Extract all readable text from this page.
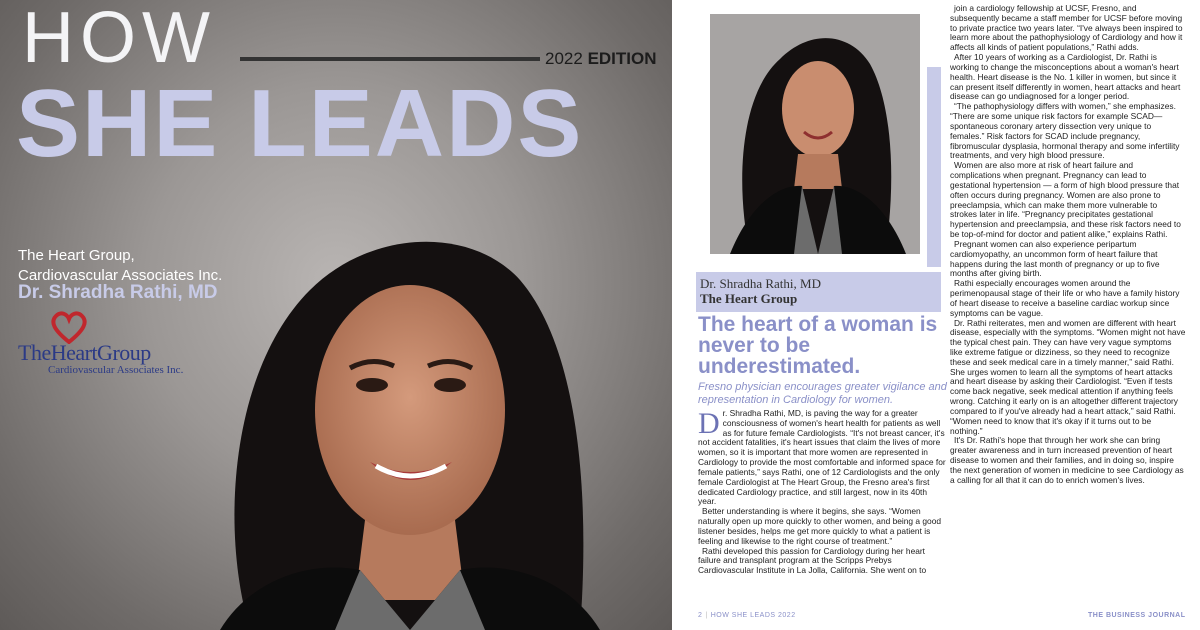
HOW	2022 EDITION
SHE LEADS
The Heart Group,
Cardiovascular Associates Inc.
Dr. Shradha Rathi, MD
TheHeartGroup
Cardiovascular Associates Inc.
Dr. Shradha Rathi, MD
The Heart Group
The heart of a woman is never to be underestimated.
Fresno physician encourages greater vigilance and representation in Cardiology for women.

Dr. Shradha Rathi, MD, is paving the way for a greater consciousness of women's heart health for patients as well as for future female Cardiologists. “It's not breast cancer, it's not accident fatalities, it's heart issues that claim the lives of more women, so it is important that more women are represented in Cardiology to provide the most comfortable and informed space for female patients,” says Rathi, one of 12 Cardiologists and the only female Cardiologist at The Heart Group, the Fresno area's first dedicated Cardiology practice, and still largest, now in its 40th year.

Better understanding is where it begins, she says. “Women naturally open up more quickly to other women, and being a good listener besides, helps me get more quickly to what a patient is feeling and likewise to the right course of treatment.”

Rathi developed this passion for Cardiology during her heart failure and transplant program at the Scripps Prebys Cardiovascular Institute in La Jolla, California. She went on to

join a cardiology fellowship at UCSF, Fresno, and subsequently became a staff member for UCSF before moving to private practice two years later. “I've always been inspired to learn more about the pathophysiology of Cardiology and how it affects all kinds of patient populations,” Rathi adds.

After 10 years of working as a Cardiologist, Dr. Rathi is working to change the misconceptions about a woman's heart health. Heart disease is the No. 1 killer in women, but since it can present itself differently in women, heart attacks and heart disease can go undiagnosed for a longer period.

“The pathophysiology differs with women,” she emphasizes. “There are some unique risk factors for example SCAD— spontaneous coronary artery dissection very unique to females.” Risk factors for SCAD include pregnancy, fibromuscular dysplasia, hormonal therapy and some infertility treatments, and very high blood pressure.

Women are also more at risk of heart failure and complications when pregnant. Pregnancy can lead to gestational hypertension — a form of high blood pressure that often occurs during pregnancy. Women are also prone to preeclampsia, which can make them more vulnerable to strokes later in life. “Pregnancy precipitates gestational hypertension and preeclampsia, and these risk factors need to be top-of-mind for doctor and patient alike,” explains Rathi.

Pregnant women can also experience peripartum cardiomyopathy, an uncommon form of heart failure that happens during the last month of pregnancy or up to five months after giving birth.

Rathi especially encourages women around the perimenopausal stage of their life or who have a family history of heart disease to receive a baseline cardiac workup since symptoms can be vague.

Dr. Rathi reiterates, men and women are different with heart disease, especially with the symptoms. “Women might not have the typical chest pain. They can have very vague symptoms like extreme fatigue or dizziness, so they need to recognize these and seek medical care in a timely manner,” said Rathi. She urges women to learn all the symptoms of heart attacks and heart disease by asking their Cardiologist. “Even if tests come back negative, seek medical attention if anything feels wrong. Catching it early on is an altogether different trajectory compared to if you've already had a heart attack,” said Rathi. “Women need to know that it's okay if it turns out to be nothing.”

It's Dr. Rathi's hope that through her work she can bring greater awareness and in turn increased prevention of heart disease to women and their families, and in doing so, inspire the next generation of women in medicine to see Cardiology as a calling for all that it can do to enrich women's lives.

2 | HOW SHE LEADS 2022	THE BUSINESS JOURNAL
